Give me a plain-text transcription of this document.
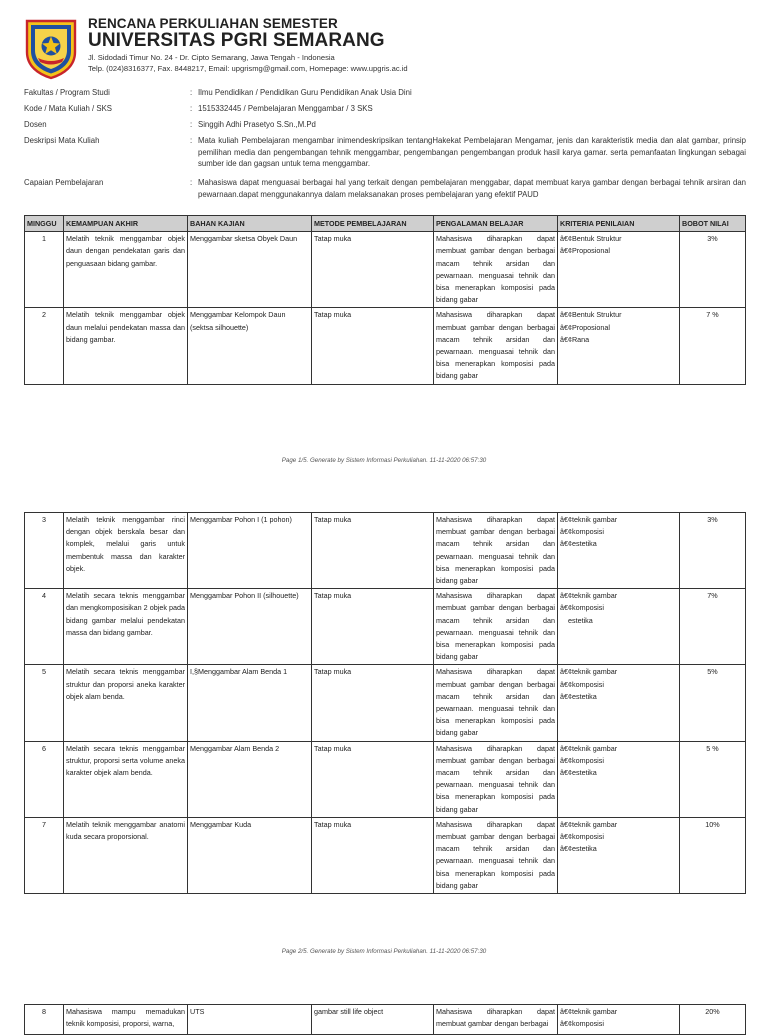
RENCANA PERKULIAHAN SEMESTER
UNIVERSITAS PGRI SEMARANG
Jl. Sidodadi Timur No. 24 - Dr. Cipto Semarang, Jawa Tengah - Indonesia
Telp. (024)8316377, Fax. 8448217, Email: upgrismg@gmail.com, Homepage: www.upgris.ac.id
Fakultas / Program Studi	: Ilmu Pendidikan / Pendidikan Guru Pendidikan Anak Usia Dini
Kode / Mata Kuliah / SKS	: 1515332445 / Pembelajaran Menggambar / 3 SKS
Dosen	: Singgih Adhi Prasetyo S.Sn.,M.Pd
Deskripsi Mata Kuliah	: Mata kuliah Pembelajaran mengambar inimendeskripsikan tentangHakekat Pembelajaran Mengamar, jenis dan karakteristik media dan alat gambar, prinsip pemilihan media dan pengembangan tehnik menggambar, pengembangan pengembangan produk hasil karya gamar. serta pemanfaatan lingkungan sebagai sumber ide dan gagsan untuk tema menggambar.
Capaian Pembelajaran	: Mahasiswa dapat menguasai berbagai hal yang terkait dengan pembelajaran menggabar, dapat membuat karya gambar dengan berbagai tehnik arsiran dan pewarnaan.dapat menggunakannya dalam melaksanakan proses pembelajaran yang efektif PAUD
MINGGU	KEMAMPUAN AKHIR	BAHAN KAJIAN	METODE PEMBELAJARAN	PENGALAMAN BELAJAR	KRITERIA PENILAIAN	BOBOT NILAI
1	Melatih teknik menggambar objek daun dengan pendekatan garis dan penguasaan bidang gambar.	Menggambar sketsa Obyek Daun	Tatap muka	Mahasiswa diharapkan dapat membuat gambar dengan berbagai macam tehnik arsidan dan pewarnaan. menguasai tehnik dan bisa menerapkan komposisi pada bidang gabar	â€¢Bentuk Struktur
â€¢Proposional	3%
2	Melatih teknik menggambar objek daun melalui pendekatan massa dan bidang gambar.	Menggambar Kelompok Daun (sektsa silhouette)	Tatap muka	Mahasiswa diharapkan dapat membuat gambar dengan berbagai macam tehnik arsidan dan pewarnaan. menguasai tehnik dan bisa menerapkan komposisi pada bidang gabar	â€¢Bentuk Struktur
â€¢Proposional
â€¢Rana	7 %
Page 1/5. Generate by Sistem Informasi Perkuliahan. 11-11-2020 06:57:30
3	Melatih teknik menggambar rinci dengan objek berskala besar dan komplek, melalui garis untuk membentuk massa dan karakter objek.	Menggambar Pohon I (1 pohon)	Tatap muka	Mahasiswa diharapkan dapat membuat gambar dengan berbagai macam tehnik arsidan dan pewarnaan. menguasai tehnik dan bisa menerapkan komposisi pada bidang gabar	â€¢teknik gambar
â€¢komposisi
â€¢estetika	3%
4	Melatih secara teknis menggambar dan mengkomposisikan 2 objek pada bidang gambar melalui pendekatan massa dan bidang gambar.	Menggambar Pohon II (silhouette)	Tatap muka	Mahasiswa diharapkan dapat membuat gambar dengan berbagai macam tehnik arsidan dan pewarnaan. menguasai tehnik dan bisa menerapkan komposisi pada bidang gabar	â€¢teknik gambar
â€¢komposisi
estetika	7%
5	Melatih secara teknis menggambar struktur dan proporsi aneka karakter objek alam benda.	ï,§Menggambar Alam Benda 1	Tatap muka	Mahasiswa diharapkan dapat membuat gambar dengan berbagai macam tehnik arsidan dan pewarnaan. menguasai tehnik dan bisa menerapkan komposisi pada bidang gabar	â€¢teknik gambar
â€¢komposisi
â€¢estetika	5%
6	Melatih secara teknis menggambar struktur, proporsi serta volume aneka karakter objek alam benda.	Menggambar Alam Benda 2	Tatap muka	Mahasiswa diharapkan dapat membuat gambar dengan berbagai macam tehnik arsidan dan pewarnaan. menguasai tehnik dan bisa menerapkan komposisi pada bidang gabar	â€¢teknik gambar
â€¢komposisi
â€¢estetika	5 %
7	Melatih teknik menggambar anatomi kuda secara proporsional.	Menggambar Kuda	Tatap muka	Mahasiswa diharapkan dapat membuat gambar dengan berbagai macam tehnik arsidan dan pewarnaan. menguasai tehnik dan bisa menerapkan komposisi pada bidang gabar	â€¢teknik gambar
â€¢komposisi
â€¢estetika	10%
Page 2/5. Generate by Sistem Informasi Perkuliahan. 11-11-2020 06:57:30
8	Mahasiswa mampu memadukan teknik komposisi, proporsi, warna,	UTS	gambar still life object	Mahasiswa diharapkan dapat membuat gambar dengan berbagai	
â€¢teknik gambar
â€¢komposisi
	20%
